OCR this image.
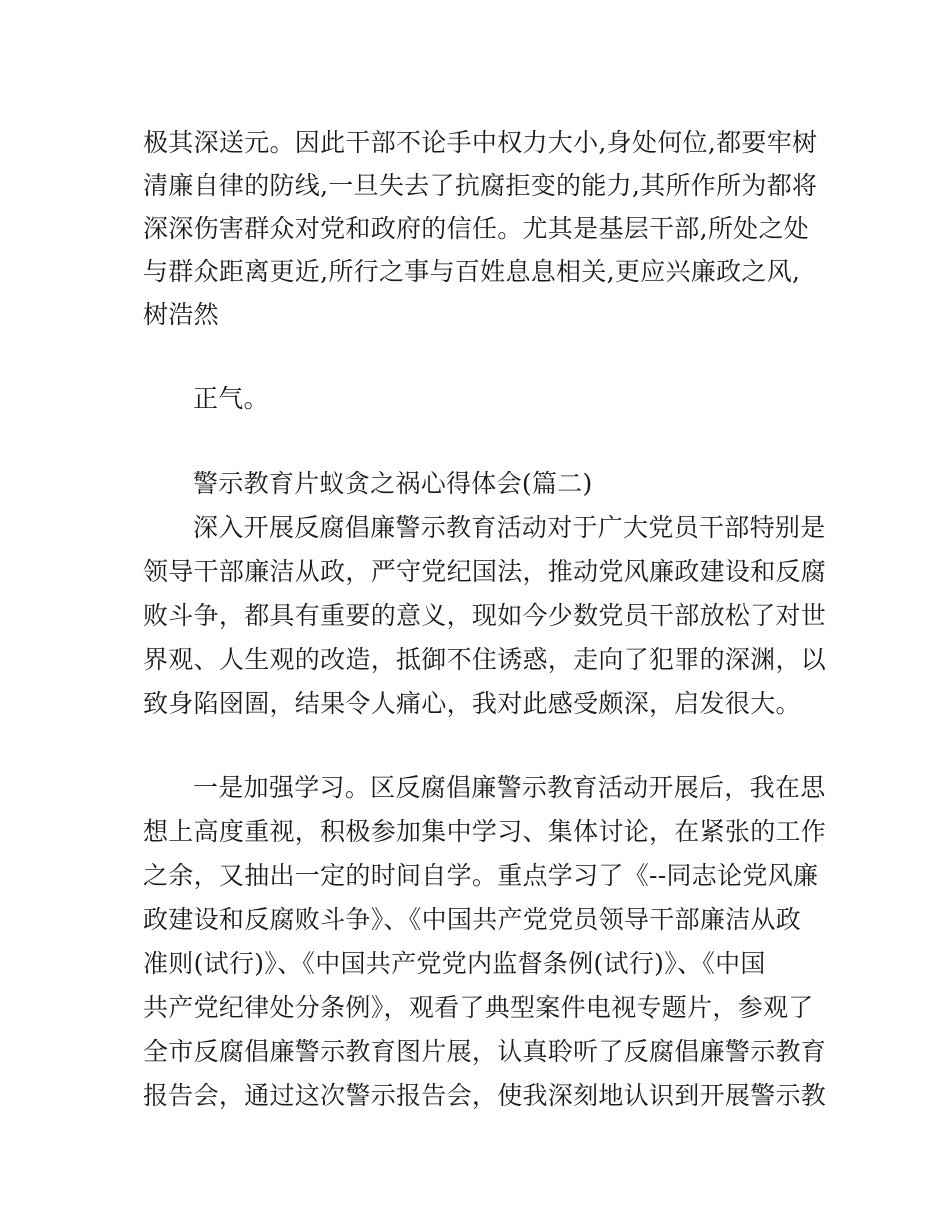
极其深送元。因此干部不论手中权力大小,身处何位,都要牢树
清廉自律的防线,一旦失去了抗腐拒变的能力,其所作所为都将
深深伤害群众对党和政府的信任。尤其是基层干部,所处之处
与群众距离更近,所行之事与百姓息息相关,更应兴廉政之风,
树浩然
正气。
警示教育片蚁贪之祸心得体会(篇二)
深入开展反腐倡廉警示教育活动对于广大党员干部特别是
领导干部廉洁从政，严守党纪国法，推动党风廉政建设和反腐
败斗争，都具有重要的意义，现如今少数党员干部放松了对世
界观、人生观的改造，抵御不住诱惑，走向了犯罪的深渊，以
致身陷囹圄，结果令人痛心，我对此感受颇深，启发很大。
一是加强学习。区反腐倡廉警示教育活动开展后，我在思
想上高度重视，积极参加集中学习、集体讨论，在紧张的工作
之余，又抽出一定的时间自学。重点学习了《--同志论党风廉
政建设和反腐败斗争》、《中国共产党党员领导干部廉洁从政
准则(试行)》、《中国共产党党内监督条例(试行)》、《中国
共产党纪律处分条例》，观看了典型案件电视专题片，参观了
全市反腐倡廉警示教育图片展，认真聆听了反腐倡廉警示教育
报告会，通过这次警示报告会，使我深刻地认识到开展警示教
